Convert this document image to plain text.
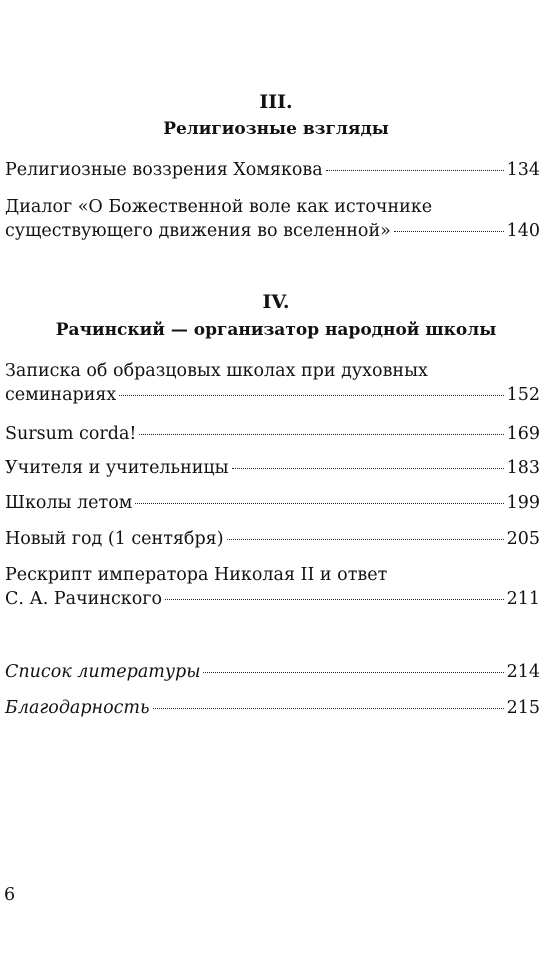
III.
Религиозные взгляды
Религиозные воззрения Хомякова	134
Диалог «О Божественной воле как источнике
существующего движения во вселенной»	140
IV.
Рачинский — организатор народной школы
Записка об образцовых школах при духовных
семинариях	152
Sursum corda!	169
Учителя и учительницы	183
Школы летом	199
Новый год (1 сентября)	205
Рескрипт императора Николая II и ответ
С. А. Рачинского	211
Список литературы	214
Благодарность	215
6
